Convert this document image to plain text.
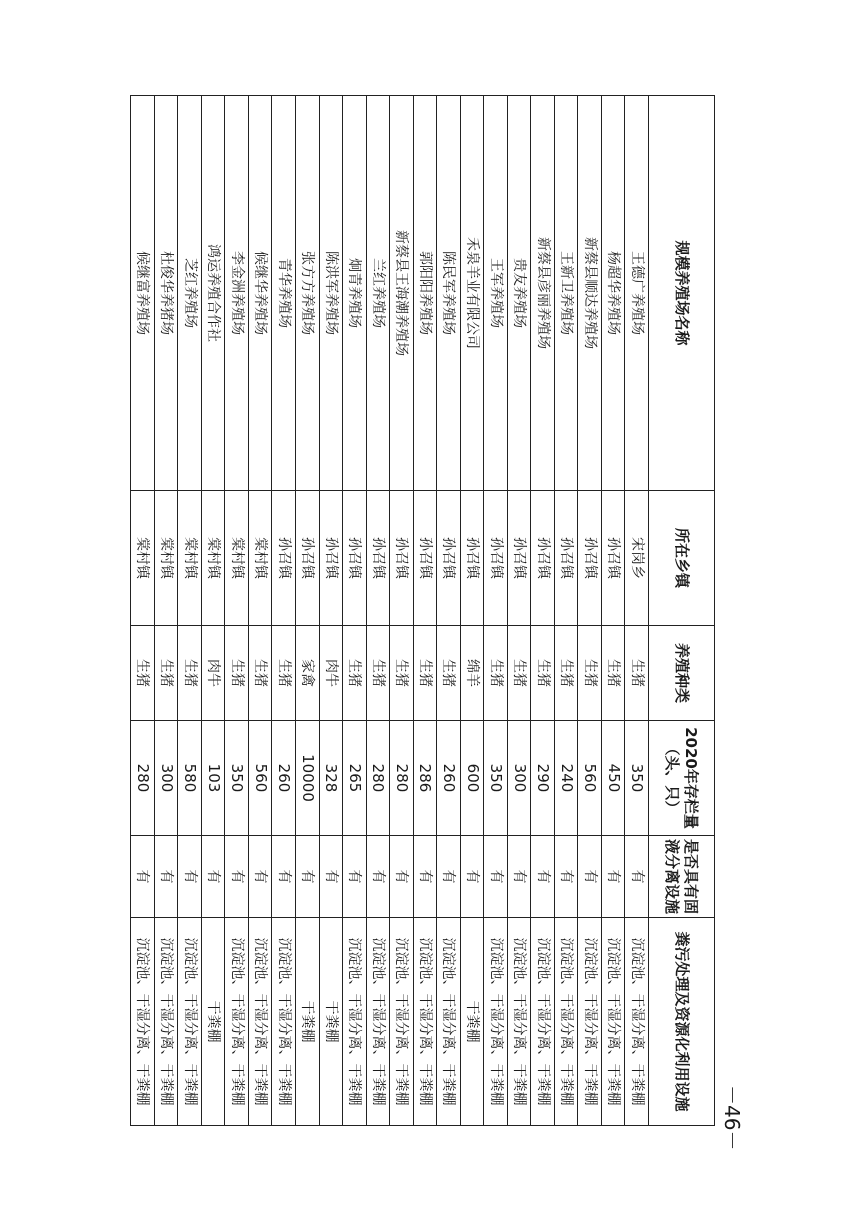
规模养殖场名称	所在乡镇	养殖种类	2020年存栏量（头、只）	是否具有固液分离设施	粪污处理及资源化利用设施
王德广养殖场	宋岗乡	生猪	350	有	沉淀池、干湿分离、干粪棚
杨超华养殖场	孙召镇	生猪	450	有	沉淀池、干湿分离、干粪棚
新蔡县顺达养殖场	孙召镇	生猪	560	有	沉淀池、干湿分离、干粪棚
王新卫养殖场	孙召镇	生猪	240	有	沉淀池、干湿分离、干粪棚
新蔡县彦丽养殖场	孙召镇	生猪	290	有	沉淀池、干湿分离、干粪棚
贵友养殖场	孙召镇	生猪	300	有	沉淀池、干湿分离、干粪棚
王军养殖场	孙召镇	生猪	350	有	沉淀池、干湿分离、干粪棚
禾泉羊业有限公司	孙召镇	绵羊	600	有	干粪棚
陈民军养殖场	孙召镇	生猪	260	有	沉淀池、干湿分离、干粪棚
郭阳阳养殖场	孙召镇	生猪	286	有	沉淀池、干湿分离、干粪棚
新蔡县王海潮养殖场	孙召镇	生猪	280	有	沉淀池、干湿分离、干粪棚
兰红养殖场	孙召镇	生猪	280	有	沉淀池、干湿分离、干粪棚
炯青养殖场	孙召镇	生猪	265	有	沉淀池、干湿分离、干粪棚
陈洪军养殖场	孙召镇	肉牛	328	有	干粪棚
张方方养殖场	孙召镇	家禽	10000	有	干粪棚
青华养殖场	孙召镇	生猪	260	有	沉淀池、干湿分离、干粪棚
候继华养殖场	棠村镇	生猪	560	有	沉淀池、干湿分离、干粪棚
李金洲养殖场	棠村镇	生猪	350	有	沉淀池、干湿分离、干粪棚
鸿运养殖合作社	棠村镇	肉牛	103	有	干粪棚
芝红养殖场	棠村镇	生猪	580	有	沉淀池、干湿分离、干粪棚
杜俊华养猪场	棠村镇	生猪	300	有	沉淀池、干湿分离、干粪棚
候继富养殖场	棠村镇	生猪	280	有	沉淀池、干湿分离、干粪棚
－46－
